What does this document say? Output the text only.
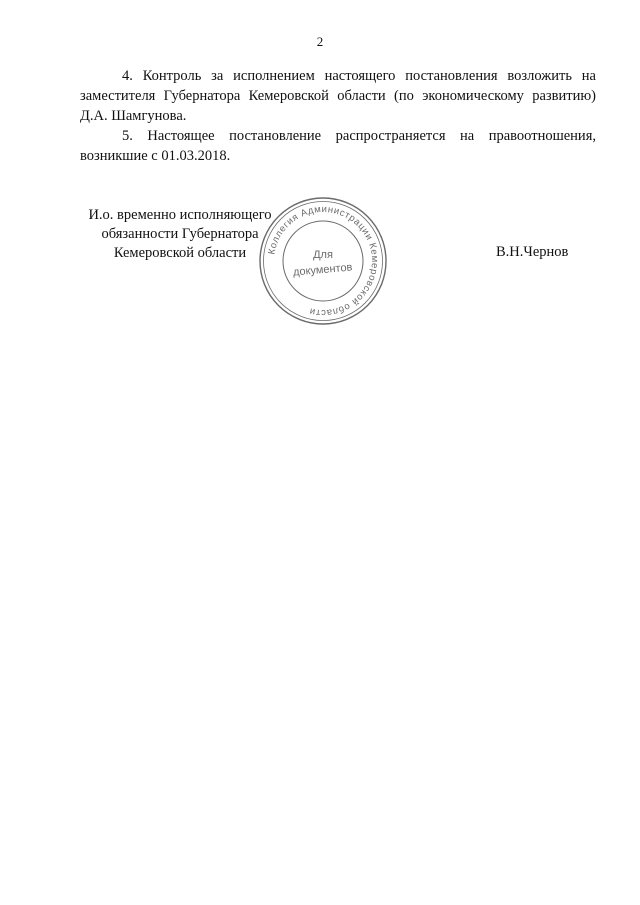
2

4. Контроль за исполнением настоящего постановления возложить на заместителя Губернатора Кемеровской области (по экономическому развитию) Д.А. Шамгунова.

5. Настоящее постановление распространяется на правоотношения, возникшие с 01.03.2018.

И.о. временно исполняющего
обязанности Губернатора
Кемеровской области	В.Н.Чернов
Коллегия Администрации Кемеровской области
Для
документов
